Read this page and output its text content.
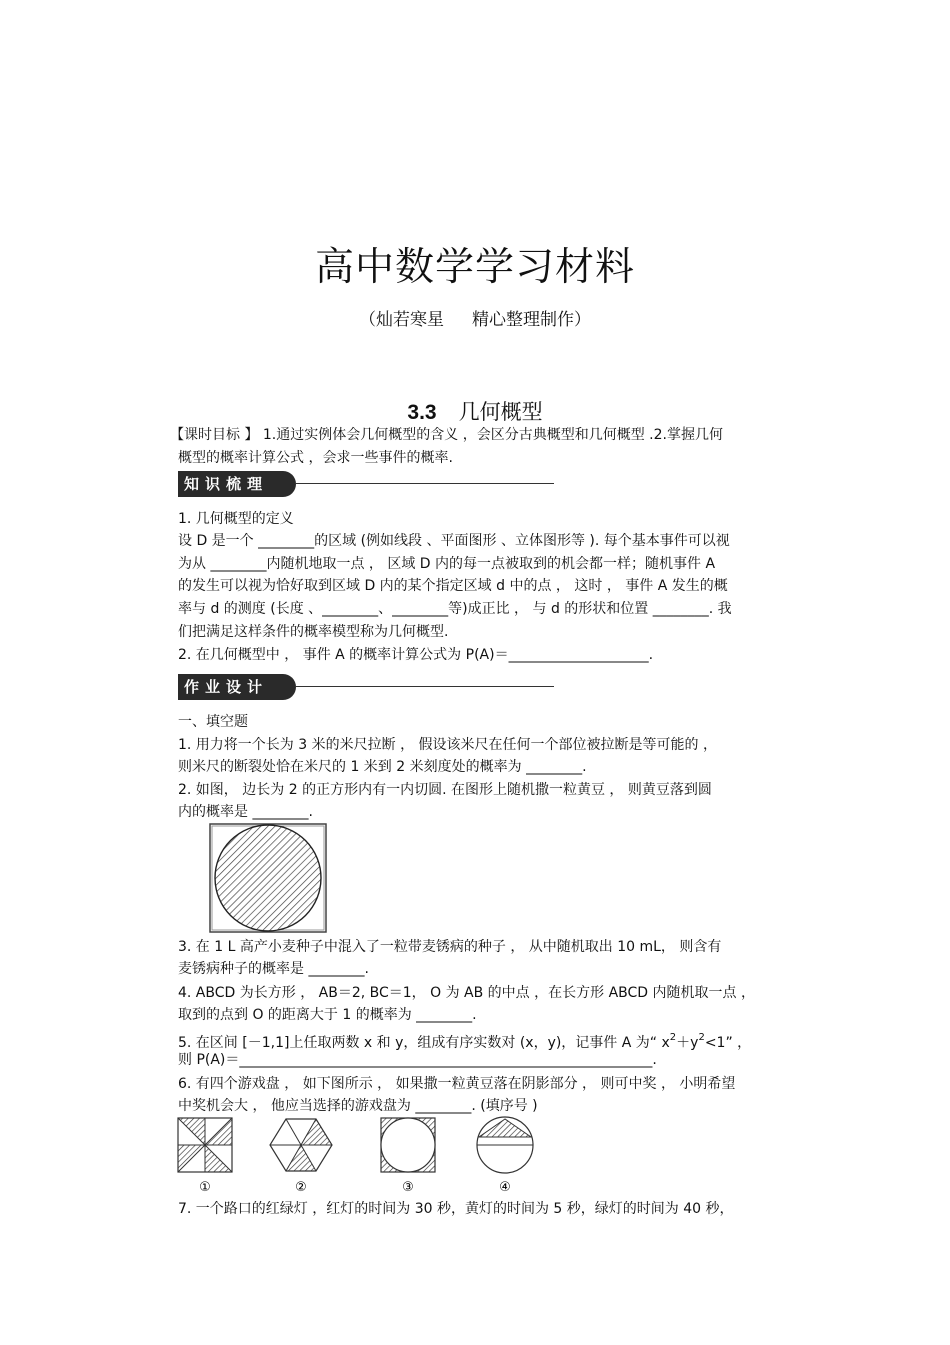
高中数学学习材料
（灿若寒星 精心整理制作）
3.3 几何概型
【课时目标 】 1.通过实例体会几何概型的含义 ，会区分古典概型和几何概型 .2.掌握几何
概型的概率计算公式 ，会求一些事件的概率.
知识梳理
1. 几何概型的定义
设 D 是一个 ________的区域 (例如线段 、平面图形 、立体图形等 ). 每个基本事件可以视
为从 ________内随机地取一点 ， 区域 D 内的每一点被取到的机会都一样；随机事件 A
的发生可以视为恰好取到区域 D 内的某个指定区域 d 中的点 ， 这时 ， 事件 A 发生的概
率与 d 的测度 (长度 、________、________等)成正比 ， 与 d 的形状和位置 ________. 我
们把满足这样条件的概率模型称为几何概型.
2. 在几何概型中 ， 事件 A 的概率计算公式为 P(A)＝____________________.
作业设计
一、填空题
1. 用力将一个长为 3 米的米尺拉断 ， 假设该米尺在任何一个部位被拉断是等可能的 ，
则米尺的断裂处恰在米尺的 1 米到 2 米刻度处的概率为 ________.
2. 如图， 边长为 2 的正方形内有一内切圆. 在图形上随机撒一粒黄豆 ， 则黄豆落到圆
内的概率是 ________.
3. 在 1 L 高产小麦种子中混入了一粒带麦锈病的种子 ， 从中随机取出 10 mL， 则含有
麦锈病种子的概率是 ________.
4. ABCD 为长方形 ， AB＝2, BC＝1， O 为 AB 的中点 ，在长方形 ABCD 内随机取一点 ，
取到的点到 O 的距离大于 1 的概率为 ________.
5. 在区间 [－1,1]上任取两数 x 和 y，组成有序实数对 (x，y)，记事件 A 为“ $x^2+y^2<1$” ，
则 P(A)＝___________________________________________________________.
6. 有四个游戏盘 ， 如下图所示 ， 如果撒一粒黄豆落在阴影部分 ， 则可中奖 ， 小明希望
中奖机会大 ， 他应当选择的游戏盘为 ________. (填序号 )
①	②	③	④
7. 一个路口的红绿灯 ，红灯的时间为 30 秒，黄灯的时间为 5 秒，绿灯的时间为 40 秒，
